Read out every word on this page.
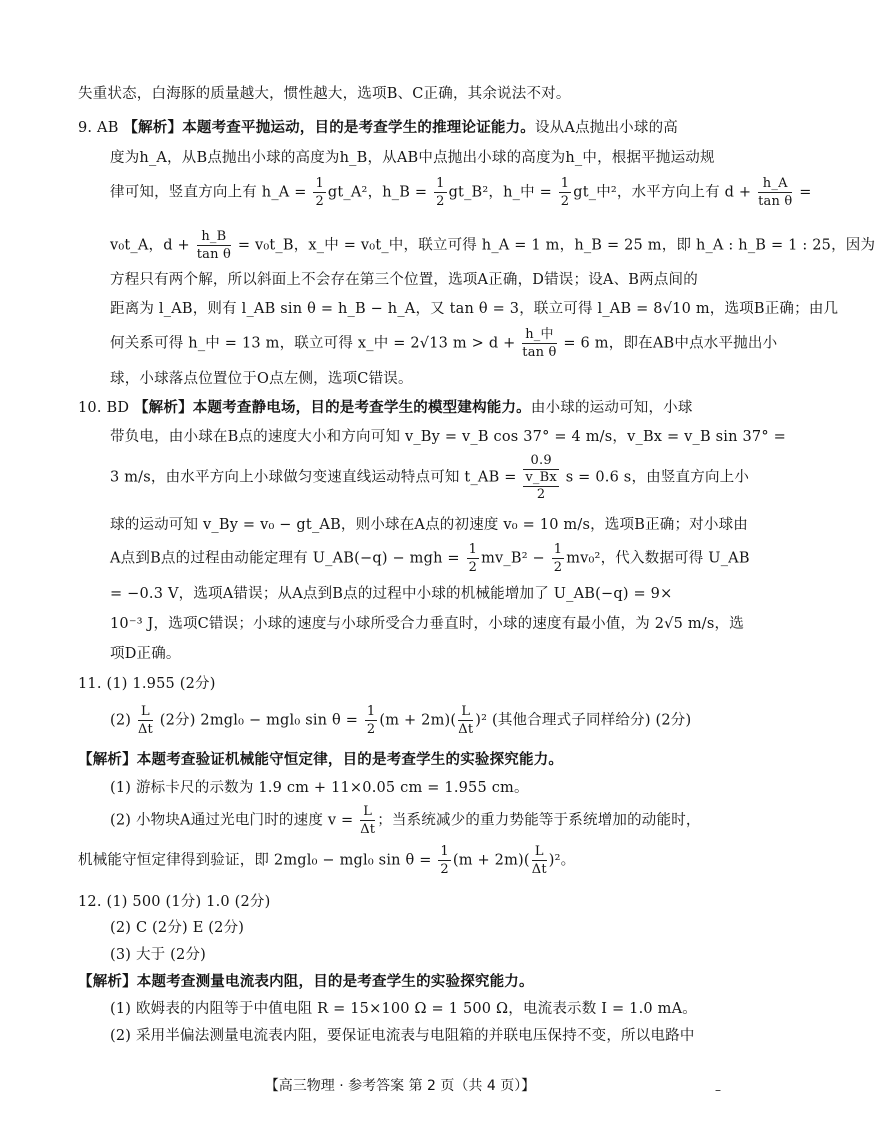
失重状态，白海豚的质量越大，惯性越大，选项B、C正确，其余说法不对。
9. AB 【解析】本题考查平抛运动，目的是考查学生的推理论证能力。设从A点抛出小球的高
度为h_A，从B点抛出小球的高度为h_B，从AB中点抛出小球的高度为h_中，根据平抛运动规
律可知，竖直方向上有 h_A = $\frac{1}{2}$ gt_A²，h_B = $\frac{1}{2}$ gt_B²，h_中 = $\frac{1}{2}$ gt_中²，水平方向上有 $d + \frac{h\_A}{\text{tan θ}}$ =
v₀t_A，$d + \frac{h\_B}{\text{tan θ}}$ = v₀t_B，x_中 = v₀t_中，联立可得 h_A = 1 m，h_B = 25 m，即 h_A : h_B = 1 : 25，因为
方程只有两个解，所以斜面上不会存在第三个位置，选项A正确，D错误；设A、B两点间的
距离为 l_AB，则有 l_AB sin θ = h_B − h_A，又 tan θ = 3，联立可得 l_AB = 8√10 m，选项B正确；由几
何关系可得 h_中 = 13 m，联立可得 x_中 = 2√13 $m > d + \frac{\text{h\_中}}{\text{tan θ}} = 6$ m，即在AB中点水平抛出小
球，小球落点位置位于O点左侧，选项C错误。
10. BD 【解析】本题考查静电场，目的是考查学生的模型建构能力。由小球的运动可知，小球
带负电，由小球在B点的速度大小和方向可知 v_By = v_B cos 37° = 4 m/s，v_Bx = v_B sin 37° =
3 m/s，由水平方向上小球做匀变速直线运动特点可知 t_AB =
0.9
v_Bx
2
s = 0.6 s，由竖直方向上小
球的运动可知 v_By = v₀ − gt_AB，则小球在A点的初速度 v₀ = 10 m/s，选项B正确；对小球由
A点到B点的过程由动能定理有 U_AB(−q) − mgh = $\frac{1}{2}$ mv_B² − $\frac{1}{2} mv_0^2$，代入数据可得 U_AB
= −0.3 V，选项A错误；从A点到B点的过程中小球的机械能增加了 U_AB(−q) = 9×
10⁻³ J，选项C错误；小球的速度与小球所受合力垂直时，小球的速度有最小值，为 2√5 m/s，选
项D正确。
11. (1) 1.955 (2分)
$(2) \frac{L}{\Delta t} (2$分) 2mgl₀ − mgl₀ $\sin \theta = \frac{1}{2} (m + 2m)( \frac{L}{\Delta t} )^2$ (其他合理式子同样给分) (2分)
【解析】本题考查验证机械能守恒定律，目的是考查学生的实验探究能力。
(1) 游标卡尺的示数为 1.9 cm + 11×0.05 cm = 1.955 cm。
(2) 小物块A通过光电门时的速度 $v = \frac{L}{\Delta t}$ ；当系统减少的重力势能等于系统增加的动能时，
机械能守恒定律得到验证，即 2mgl₀ − mgl₀ $\sin \theta = \frac{1}{2} (m + 2m)( \frac{L}{\Delta t} )^2$。
12. (1) 500 (1分) 1.0 (2分)
(2) C (2分) E (2分)
(3) 大于 (2分)
【解析】本题考查测量电流表内阻，目的是考查学生的实验探究能力。
(1) 欧姆表的内阻等于中值电阻 R = 15×100 Ω = 1 500 Ω，电流表示数 I = 1.0 mA。
(2) 采用半偏法测量电流表内阻，要保证电流表与电阻箱的并联电压保持不变，所以电路中
【高三物理 · 参考答案 第 2 页（共 4 页）】	–
